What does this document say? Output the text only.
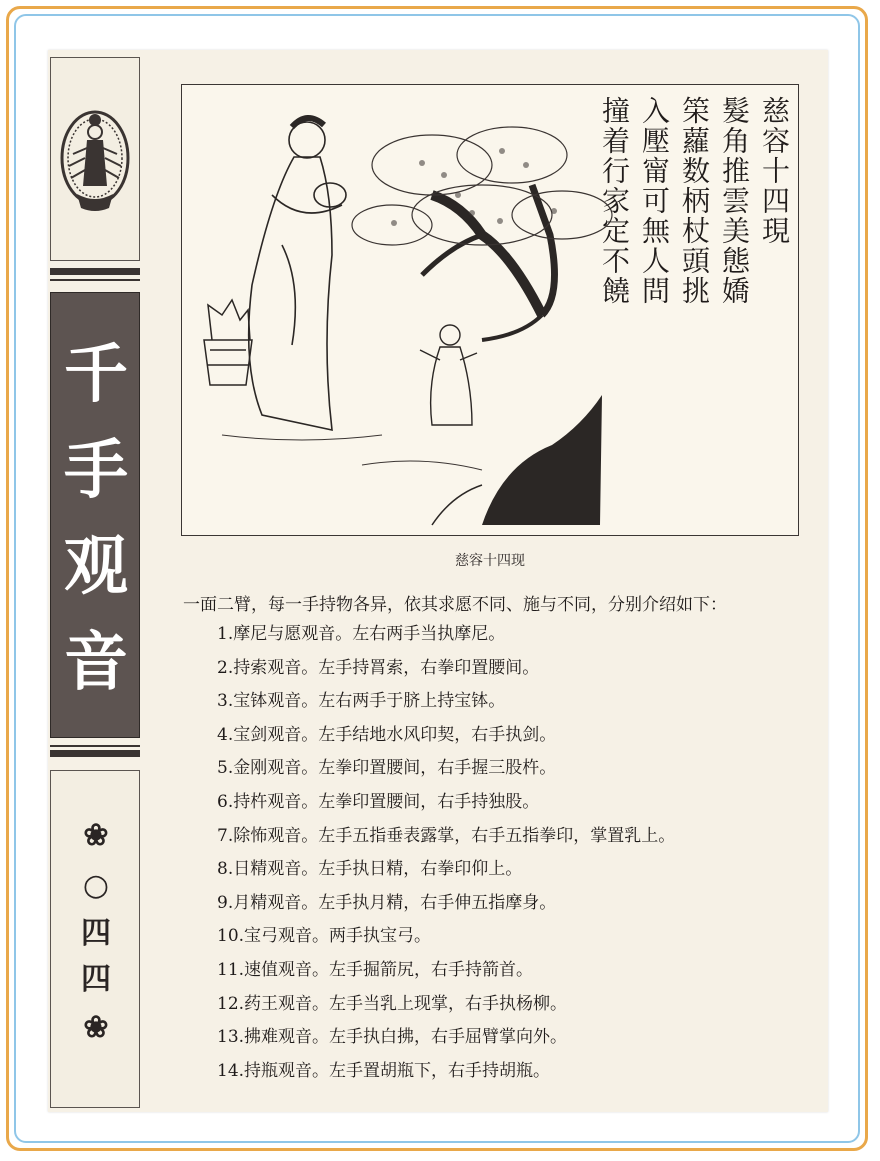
千
手
观
音
❀
○
四
四
❀
慈容十四現
髮角推雲美態嬌
筞蘿数柄杖頭挑
入壓甯可無人問
撞着行家定不饒
慈容十四现
一面二臂，每一手持物各异，依其求愿不同、施与不同，分别介绍如下：
1.摩尼与愿观音。左右两手当执摩尼。
2.持索观音。左手持罥索，右拳印置腰间。
3.宝钵观音。左右两手于脐上持宝钵。
4.宝剑观音。左手结地水风印契，右手执剑。
5.金刚观音。左拳印置腰间，右手握三股杵。
6.持杵观音。左拳印置腰间，右手持独股。
7.除怖观音。左手五指垂表露掌，右手五指拳印，掌置乳上。
8.日精观音。左手执日精，右拳印仰上。
9.月精观音。左手执月精，右手伸五指摩身。
10.宝弓观音。两手执宝弓。
11.速值观音。左手掘箭尻，右手持箭首。
12.药王观音。左手当乳上现掌，右手执杨柳。
13.拂难观音。左手执白拂，右手屈臂掌向外。
14.持瓶观音。左手置胡瓶下，右手持胡瓶。
